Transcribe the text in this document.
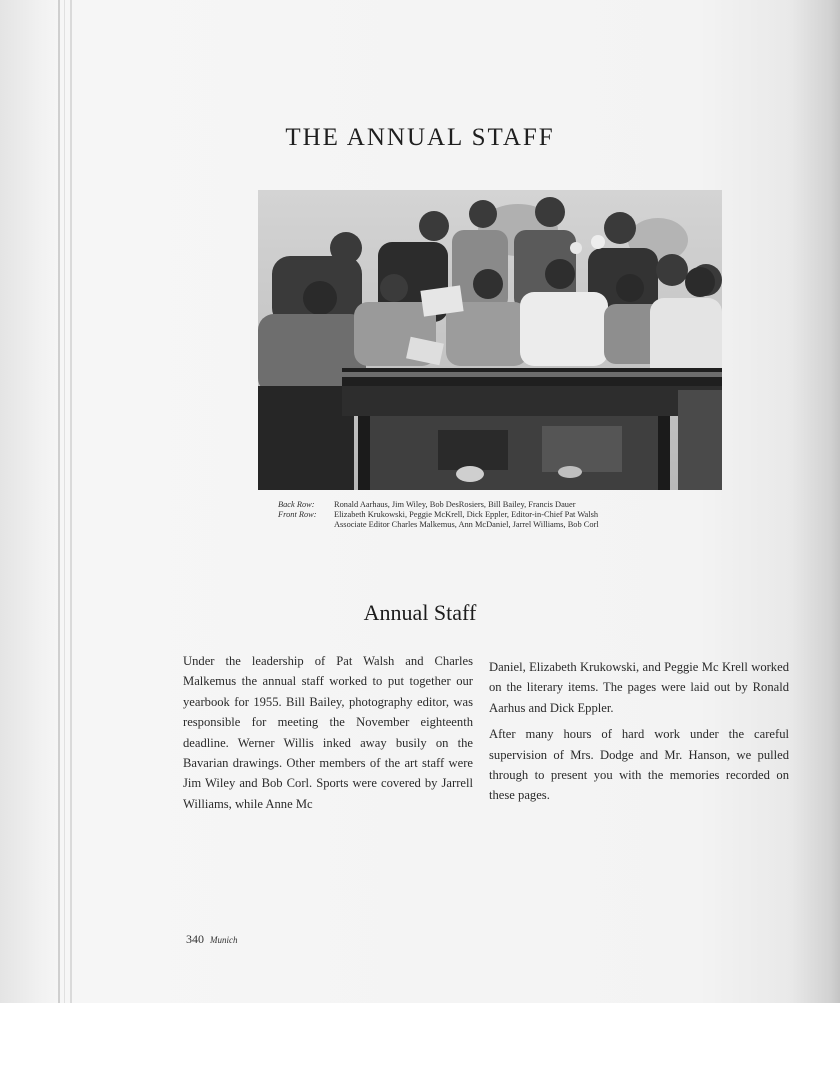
THE ANNUAL STAFF
Back Row:	Ronald Aarhaus, Jim Wiley, Bob DesRosiers, Bill Bailey, Francis Dauer
Front Row:	Elizabeth Krukowski, Peggie McKrell, Dick Eppler, Editor-in-Chief Pat Walsh
Associate Editor Charles Malkemus, Ann McDaniel, Jarrel Williams, Bob Corl
Annual Staff

Under the leadership of Pat Walsh and Charles Malkemus the annual staff worked to put together our yearbook for 1955. Bill Bailey, photography editor, was responsible for meeting the November eighteenth deadline. Werner Willis inked away busily on the Bavarian drawings. Other members of the art staff were Jim Wiley and Bob Corl. Sports were covered by Jarrell Williams, while Anne Mc

Daniel, Elizabeth Krukowski, and Peggie Mc Krell worked on the literary items. The pages were laid out by Ronald Aarhus and Dick Eppler.

After many hours of hard work under the careful supervision of Mrs. Dodge and Mr. Hanson, we pulled through to present you with the memories recorded on these pages.

340 Munich
